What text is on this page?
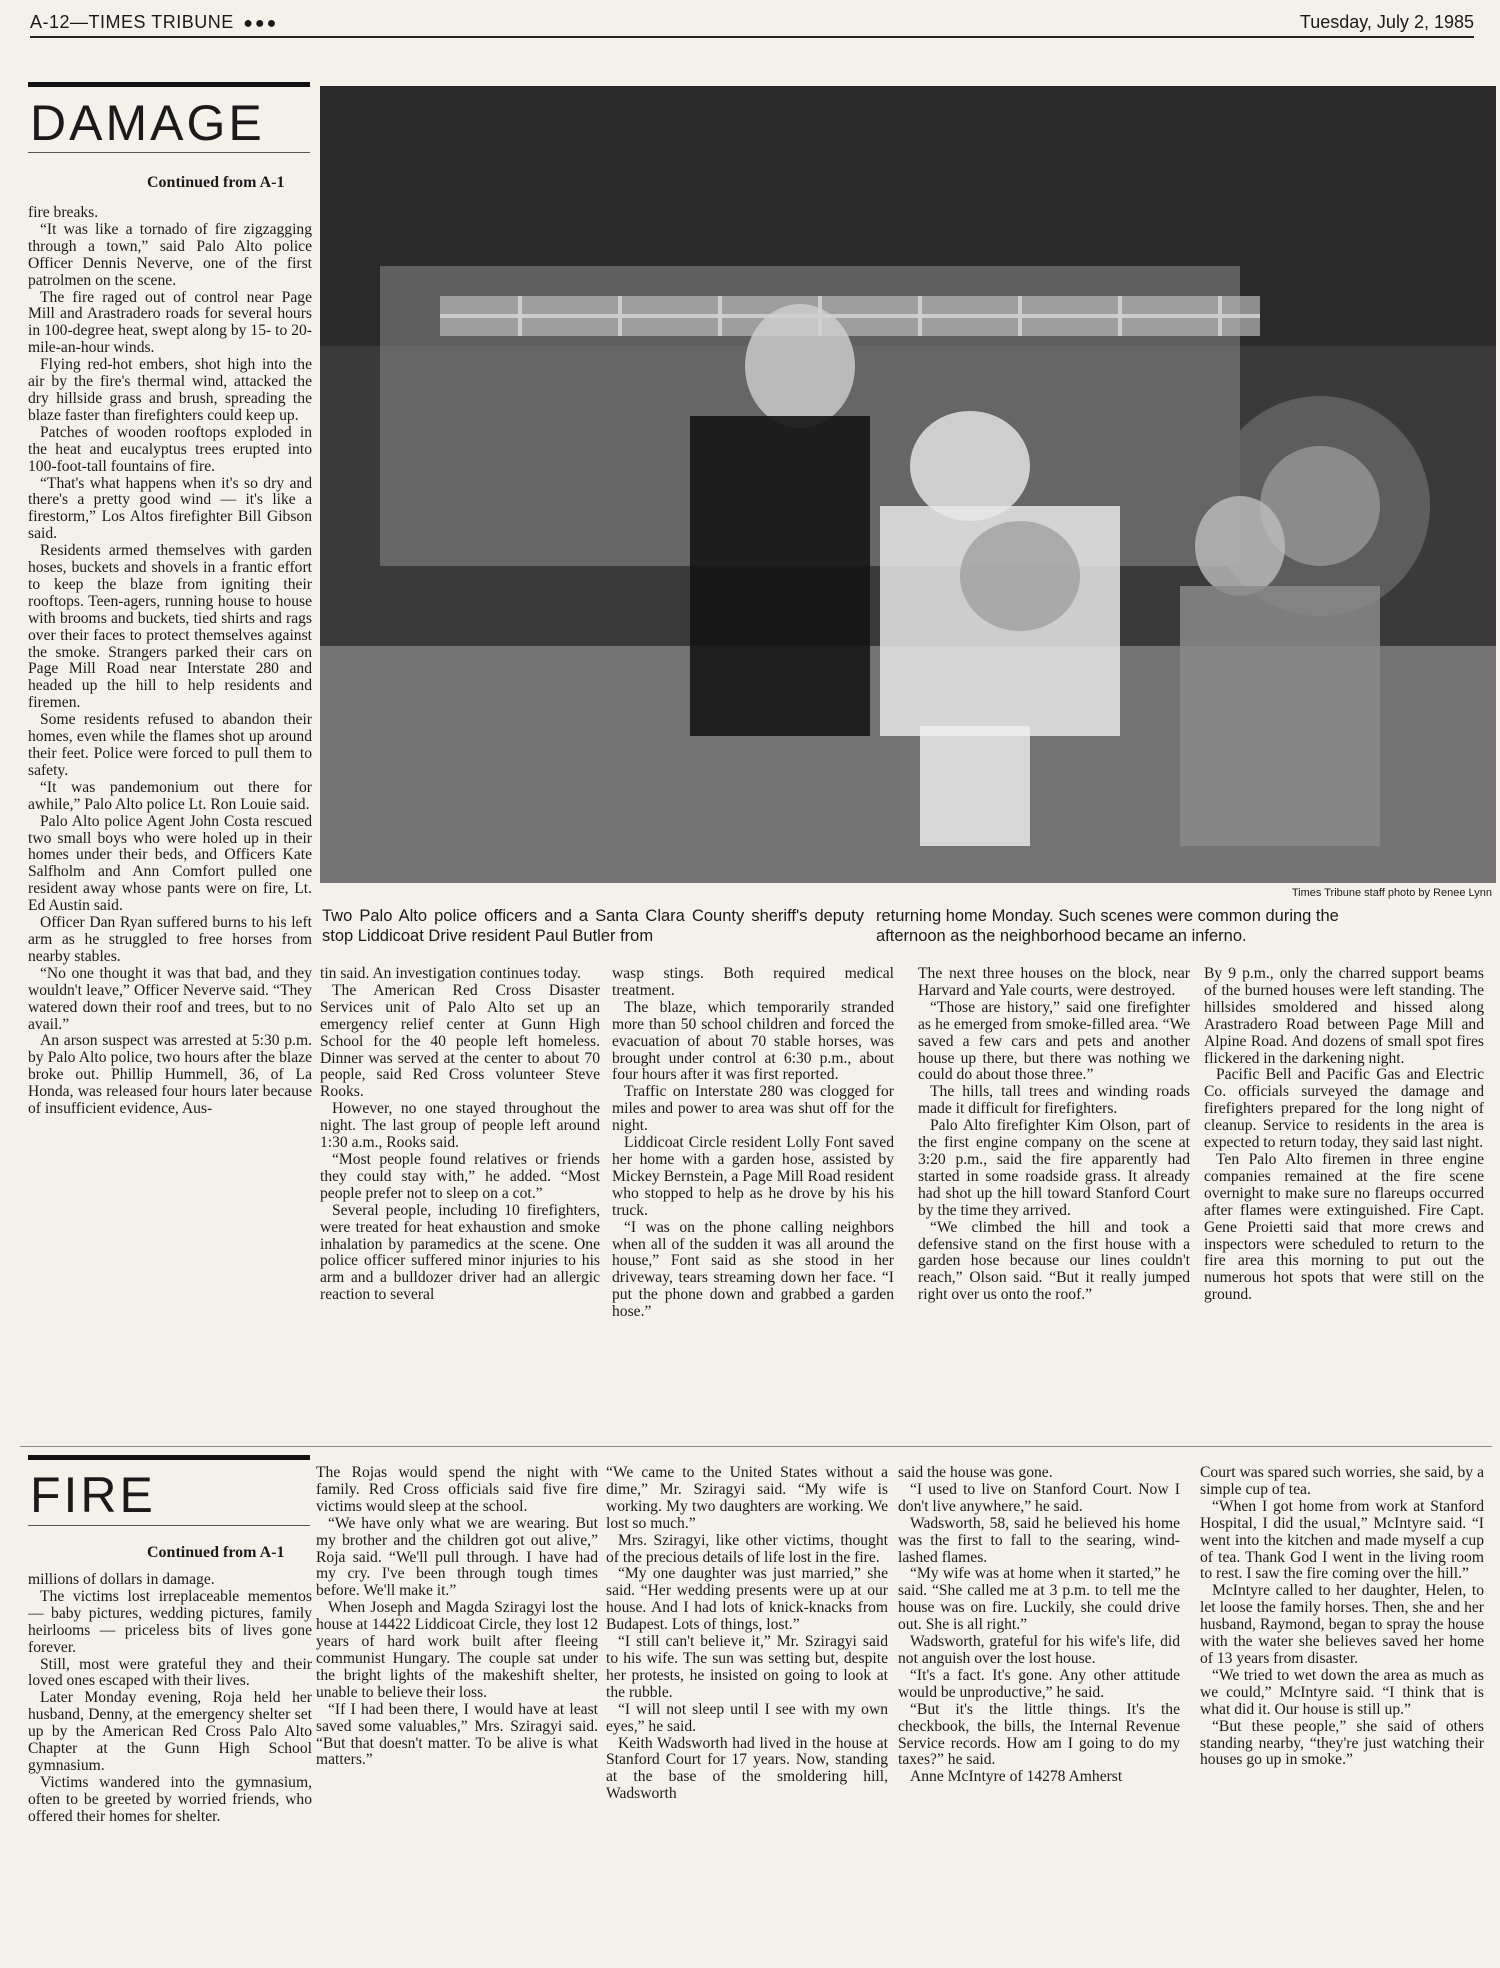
A-12—TIMES TRIBUNE ●●●	Tuesday, July 2, 1985
DAMAGE
Continued from A-1
Times Tribune staff photo by Renee Lynn
Two Palo Alto police officers and a Santa Clara County sheriff's deputy stop Liddicoat Drive resident Paul Butler from
returning home Monday. Such scenes were common during the afternoon as the neighborhood became an inferno.

fire breaks.

“It was like a tornado of fire zigzagging through a town,” said Palo Alto police Officer Dennis Neverve, one of the first patrolmen on the scene.

The fire raged out of control near Page Mill and Arastradero roads for several hours in 100-degree heat, swept along by 15- to 20-mile-an-hour winds.

Flying red-hot embers, shot high into the air by the fire's thermal wind, attacked the dry hillside grass and brush, spreading the blaze faster than firefighters could keep up.

Patches of wooden rooftops exploded in the heat and eucalyptus trees erupted into 100-foot-tall fountains of fire.

“That's what happens when it's so dry and there's a pretty good wind — it's like a firestorm,” Los Altos firefighter Bill Gibson said.

Residents armed themselves with garden hoses, buckets and shovels in a frantic effort to keep the blaze from igniting their rooftops. Teen-agers, running house to house with brooms and buckets, tied shirts and rags over their faces to protect themselves against the smoke. Strangers parked their cars on Page Mill Road near Interstate 280 and headed up the hill to help residents and firemen.

Some residents refused to abandon their homes, even while the flames shot up around their feet. Police were forced to pull them to safety.

“It was pandemonium out there for awhile,” Palo Alto police Lt. Ron Louie said.

Palo Alto police Agent John Costa rescued two small boys who were holed up in their homes under their beds, and Officers Kate Salfholm and Ann Comfort pulled one resident away whose pants were on fire, Lt. Ed Austin said.

Officer Dan Ryan suffered burns to his left arm as he struggled to free horses from nearby stables.

“No one thought it was that bad, and they wouldn't leave,” Officer Neverve said. “They watered down their roof and trees, but to no avail.”

An arson suspect was arrested at 5:30 p.m. by Palo Alto police, two hours after the blaze broke out. Phillip Hummell, 36, of La Honda, was released four hours later because of insufficient evidence, Aus-

tin said. An investigation continues today.

The American Red Cross Disaster Services unit of Palo Alto set up an emergency relief center at Gunn High School for the 40 people left homeless. Dinner was served at the center to about 70 people, said Red Cross volunteer Steve Rooks.

However, no one stayed throughout the night. The last group of people left around 1:30 a.m., Rooks said.

“Most people found relatives or friends they could stay with,” he added. “Most people prefer not to sleep on a cot.”

Several people, including 10 firefighters, were treated for heat exhaustion and smoke inhalation by paramedics at the scene. One police officer suffered minor injuries to his arm and a bulldozer driver had an allergic reaction to several

wasp stings. Both required medical treatment.

The blaze, which temporarily stranded more than 50 school children and forced the evacuation of about 70 stable horses, was brought under control at 6:30 p.m., about four hours after it was first reported.

Traffic on Interstate 280 was clogged for miles and power to area was shut off for the night.

Liddicoat Circle resident Lolly Font saved her home with a garden hose, assisted by Mickey Bernstein, a Page Mill Road resident who stopped to help as he drove by his his truck.

“I was on the phone calling neighbors when all of the sudden it was all around the house,” Font said as she stood in her driveway, tears streaming down her face. “I put the phone down and grabbed a garden hose.”

The next three houses on the block, near Harvard and Yale courts, were destroyed.

“Those are history,” said one firefighter as he emerged from smoke-filled area. “We saved a few cars and pets and another house up there, but there was nothing we could do about those three.”

The hills, tall trees and winding roads made it difficult for firefighters.

Palo Alto firefighter Kim Olson, part of the first engine company on the scene at 3:20 p.m., said the fire apparently had started in some roadside grass. It already had shot up the hill toward Stanford Court by the time they arrived.

“We climbed the hill and took a defensive stand on the first house with a garden hose because our lines couldn't reach,” Olson said. “But it really jumped right over us onto the roof.”

By 9 p.m., only the charred support beams of the burned houses were left standing. The hillsides smoldered and hissed along Arastradero Road between Page Mill and Alpine Road. And dozens of small spot fires flickered in the darkening night.

Pacific Bell and Pacific Gas and Electric Co. officials surveyed the damage and firefighters prepared for the long night of cleanup. Service to residents in the area is expected to return today, they said last night.

Ten Palo Alto firemen in three engine companies remained at the fire scene overnight to make sure no flareups occurred after flames were extinguished. Fire Capt. Gene Proietti said that more crews and inspectors were scheduled to return to the fire area this morning to put out the numerous hot spots that were still on the ground.

FIRE
Continued from A-1

millions of dollars in damage.

The victims lost irreplaceable mementos — baby pictures, wedding pictures, family heirlooms — priceless bits of lives gone forever.

Still, most were grateful they and their loved ones escaped with their lives.

Later Monday evening, Roja held her husband, Denny, at the emergency shelter set up by the American Red Cross Palo Alto Chapter at the Gunn High School gymnasium.

Victims wandered into the gymnasium, often to be greeted by worried friends, who offered their homes for shelter.

The Rojas would spend the night with family. Red Cross officials said five fire victims would sleep at the school.

“We have only what we are wearing. But my brother and the children got out alive,” Roja said. “We'll pull through. I have had my cry. I've been through tough times before. We'll make it.”

When Joseph and Magda Sziragyi lost the house at 14422 Liddicoat Circle, they lost 12 years of hard work built after fleeing communist Hungary. The couple sat under the bright lights of the makeshift shelter, unable to believe their loss.

“If I had been there, I would have at least saved some valuables,” Mrs. Sziragyi said. “But that doesn't matter. To be alive is what matters.”

“We came to the United States without a dime,” Mr. Sziragyi said. “My wife is working. My two daughters are working. We lost so much.”

Mrs. Sziragyi, like other victims, thought of the precious details of life lost in the fire.

“My one daughter was just married,” she said. “Her wedding presents were up at our house. And I had lots of knick-knacks from Budapest. Lots of things, lost.”

“I still can't believe it,” Mr. Sziragyi said to his wife. The sun was setting but, despite her protests, he insisted on going to look at the rubble.

“I will not sleep until I see with my own eyes,” he said.

Keith Wadsworth had lived in the house at Stanford Court for 17 years. Now, standing at the base of the smoldering hill, Wadsworth

said the house was gone.

“I used to live on Stanford Court. Now I don't live anywhere,” he said.

Wadsworth, 58, said he believed his home was the first to fall to the searing, wind-lashed flames.

“My wife was at home when it started,” he said. “She called me at 3 p.m. to tell me the house was on fire. Luckily, she could drive out. She is all right.”

Wadsworth, grateful for his wife's life, did not anguish over the lost house.

“It's a fact. It's gone. Any other attitude would be unproductive,” he said.

“But it's the little things. It's the checkbook, the bills, the Internal Revenue Service records. How am I going to do my taxes?” he said.

Anne McIntyre of 14278 Amherst

Court was spared such worries, she said, by a simple cup of tea.

“When I got home from work at Stanford Hospital, I did the usual,” McIntyre said. “I went into the kitchen and made myself a cup of tea. Thank God I went in the living room to rest. I saw the fire coming over the hill.”

McIntyre called to her daughter, Helen, to let loose the family horses. Then, she and her husband, Raymond, began to spray the house with the water she believes saved her home of 13 years from disaster.

“We tried to wet down the area as much as we could,” McIntyre said. “I think that is what did it. Our house is still up.”

“But these people,” she said of others standing nearby, “they're just watching their houses go up in smoke.”
